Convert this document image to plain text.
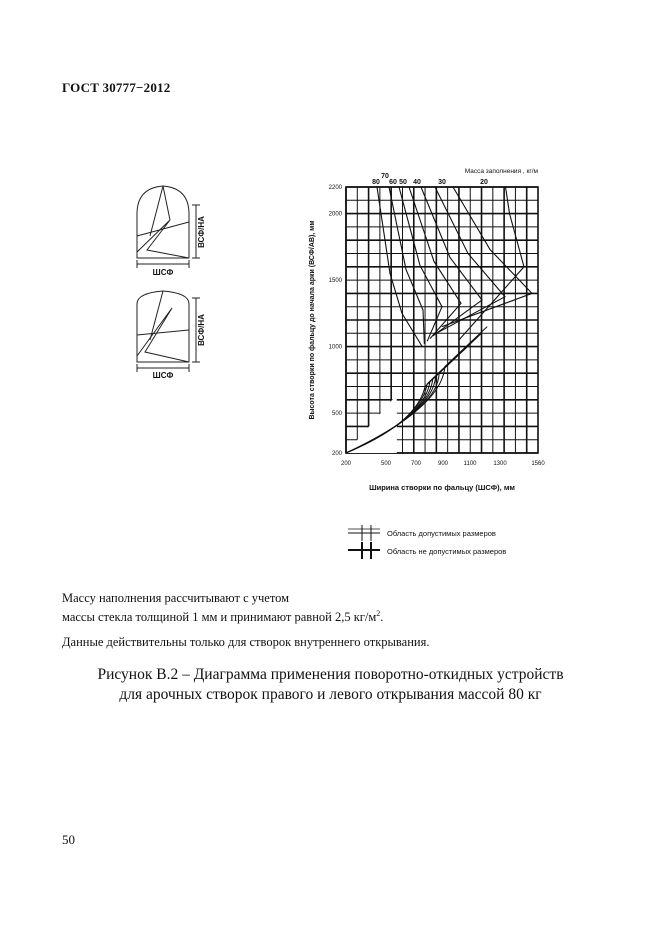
ГОСТ 30777−2012
ШСФ
ВСФ/НА
ШСФ
ВСФ/НА
200	500	700	900	1100	1300	1560
200
500
1000
1500
2000
2200
70
80 60 50 40 30	20
Масса заполнения , кг/м
Ширина створки по фальцу (ШСФ), мм
Высота створки по фальцу до начала арки (ВСФ/АВ), мм
Область допустимых размеров
Область не допустимых размеров
Массу наполнения рассчитывают с учетом
массы стекла толщиной 1 мм и принимают равной 2,5 $кг/м^2$.
Данные действительны только для створок внутреннего открывания.
Рисунок В.2 – Диаграмма применения поворотно-откидных устройств
для арочных створок правого и левого открывания массой 80 кг
50
